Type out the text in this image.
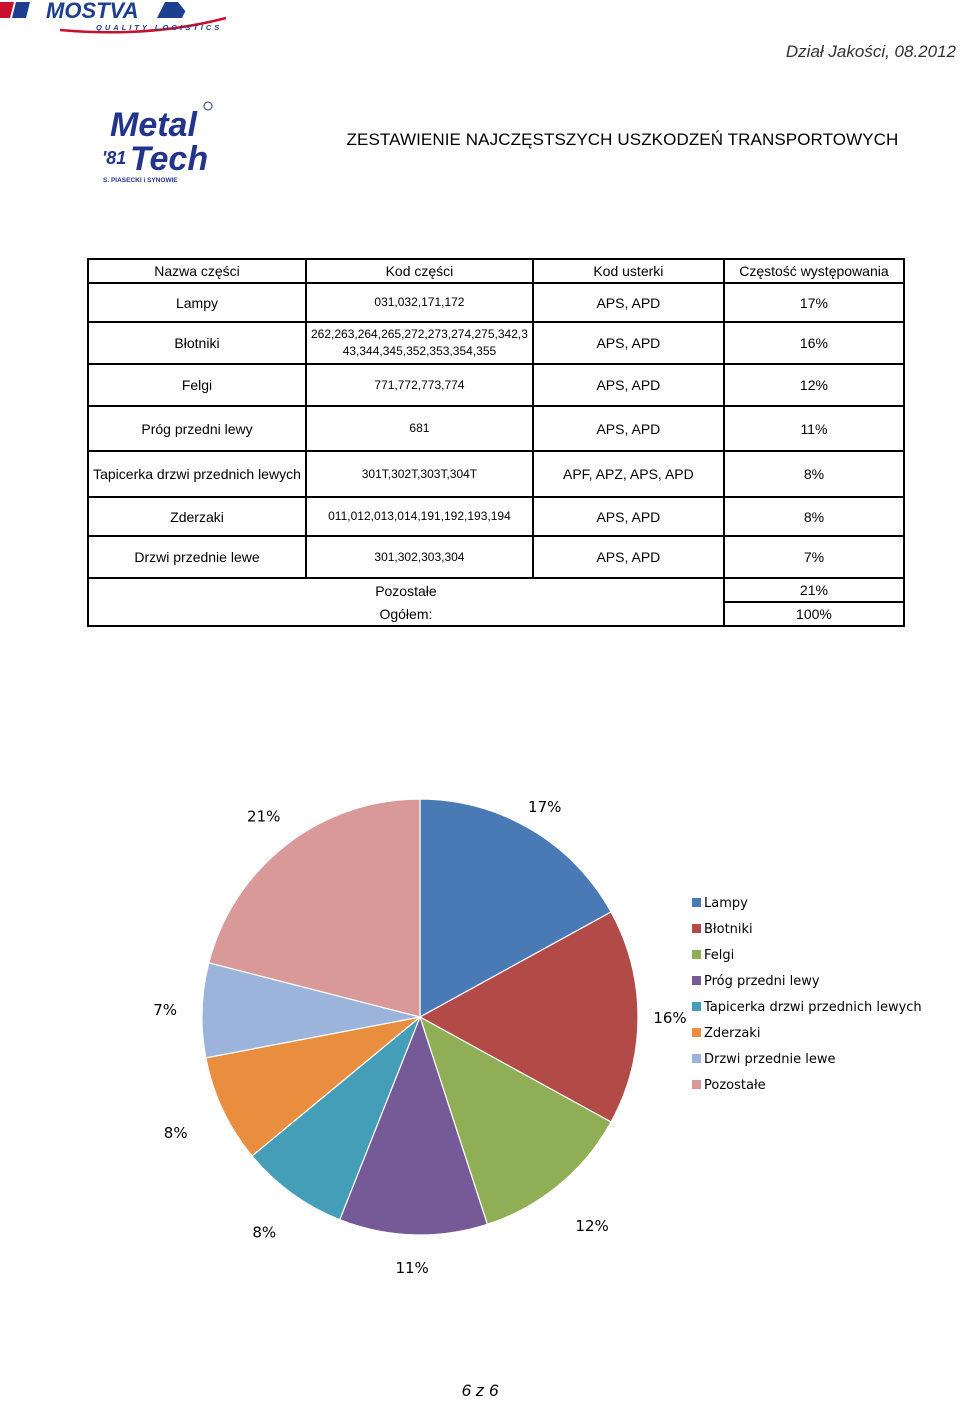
MOSTVA
QUALITY LOGISTICS
Dział Jakości, 08.2012
Metal
'81 Tech
S. PIASECKI i SYNOWIE
ZESTAWIENIE NAJCZĘSTSZYCH USZKODZEŃ TRANSPORTOWYCH
Nazwa części	Kod części	Kod usterki	Częstość występowania
Lampy	031,032,171,172	APS, APD	17%
Błotniki	262,263,264,265,272,273,274,275,342,3
43,344,345,352,353,354,355	APS, APD	16%
Felgi	771,772,773,774	APS, APD	12%
Próg przedni lewy	681	APS, APD	11%
Tapicerka drzwi przednich lewych	301T,302T,303T,304T	APF, APZ, APS, APD	8%
Zderzaki	011,012,013,014,191,192,193,194	APS, APD	8%
Drzwi przednie lewe	301,302,303,304	APS, APD	7%
Pozostałe			21%
Ogółem:			100%
17%
16%
12%
11%
8%
8%
7%
21%
Lampy
Błotniki
Felgi
Próg przedni lewy
Tapicerka drzwi przednich lewych
Zderzaki
Drzwi przednie lewe
Pozostałe
6 z 6
